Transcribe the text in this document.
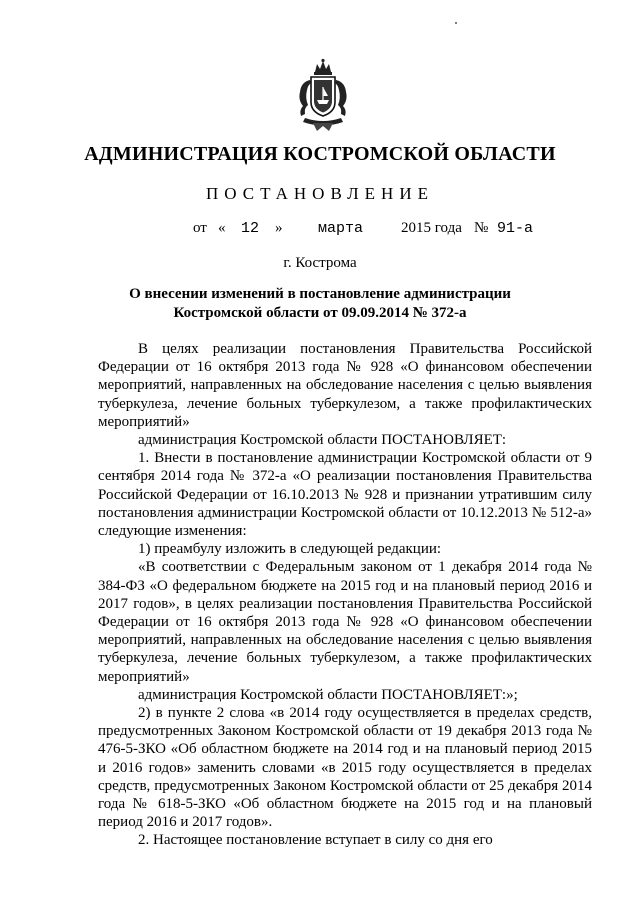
АДМИНИСТРАЦИЯ КОСТРОМСКОЙ ОБЛАСТИ
ПОСТАНОВЛЕНИЕ
от « 12 » марта	2015 года № 91-а
г. Кострома
О внесении изменений в постановление администрации
Костромской области от 09.09.2014 № 372-а

В целях реализации постановления Правительства Российской Федерации от 16 октября 2013 года № 928 «О финансовом обеспечении мероприятий, направленных на обследование населения с целью выявления туберкулеза, лечение больных туберкулезом, а также профилактических мероприятий»

администрация Костромской области ПОСТАНОВЛЯЕТ:

1. Внести в постановление администрации Костромской области от 9 сентября 2014 года № 372-а «О реализации постановления Правительства Российской Федерации от 16.10.2013 № 928 и признании утратившим силу постановления администрации Костромской области от 10.12.2013 № 512-а» следующие изменения:

1) преамбулу изложить в следующей редакции:

«В соответствии с Федеральным законом от 1 декабря 2014 года № 384-ФЗ «О федеральном бюджете на 2015 год и на плановый период 2016 и 2017 годов», в целях реализации постановления Правительства Российской Федерации от 16 октября 2013 года № 928 «О финансовом обеспечении мероприятий, направленных на обследование населения с целью выявления туберкулеза, лечение больных туберкулезом, а также профилактических мероприятий»

администрация Костромской области ПОСТАНОВЛЯЕТ:»;

2) в пункте 2 слова «в 2014 году осуществляется в пределах средств, предусмотренных Законом Костромской области от 19 декабря 2013 года № 476-5-ЗКО «Об областном бюджете на 2014 год и на плановый период 2015 и 2016 годов» заменить словами «в 2015 году осуществляется в пределах средств, предусмотренных Законом Костромской области от 25 декабря 2014 года № 618-5-ЗКО «Об областном бюджете на 2015 год и на плановый период 2016 и 2017 годов».

2. Настоящее постановление вступает в силу со дня его
